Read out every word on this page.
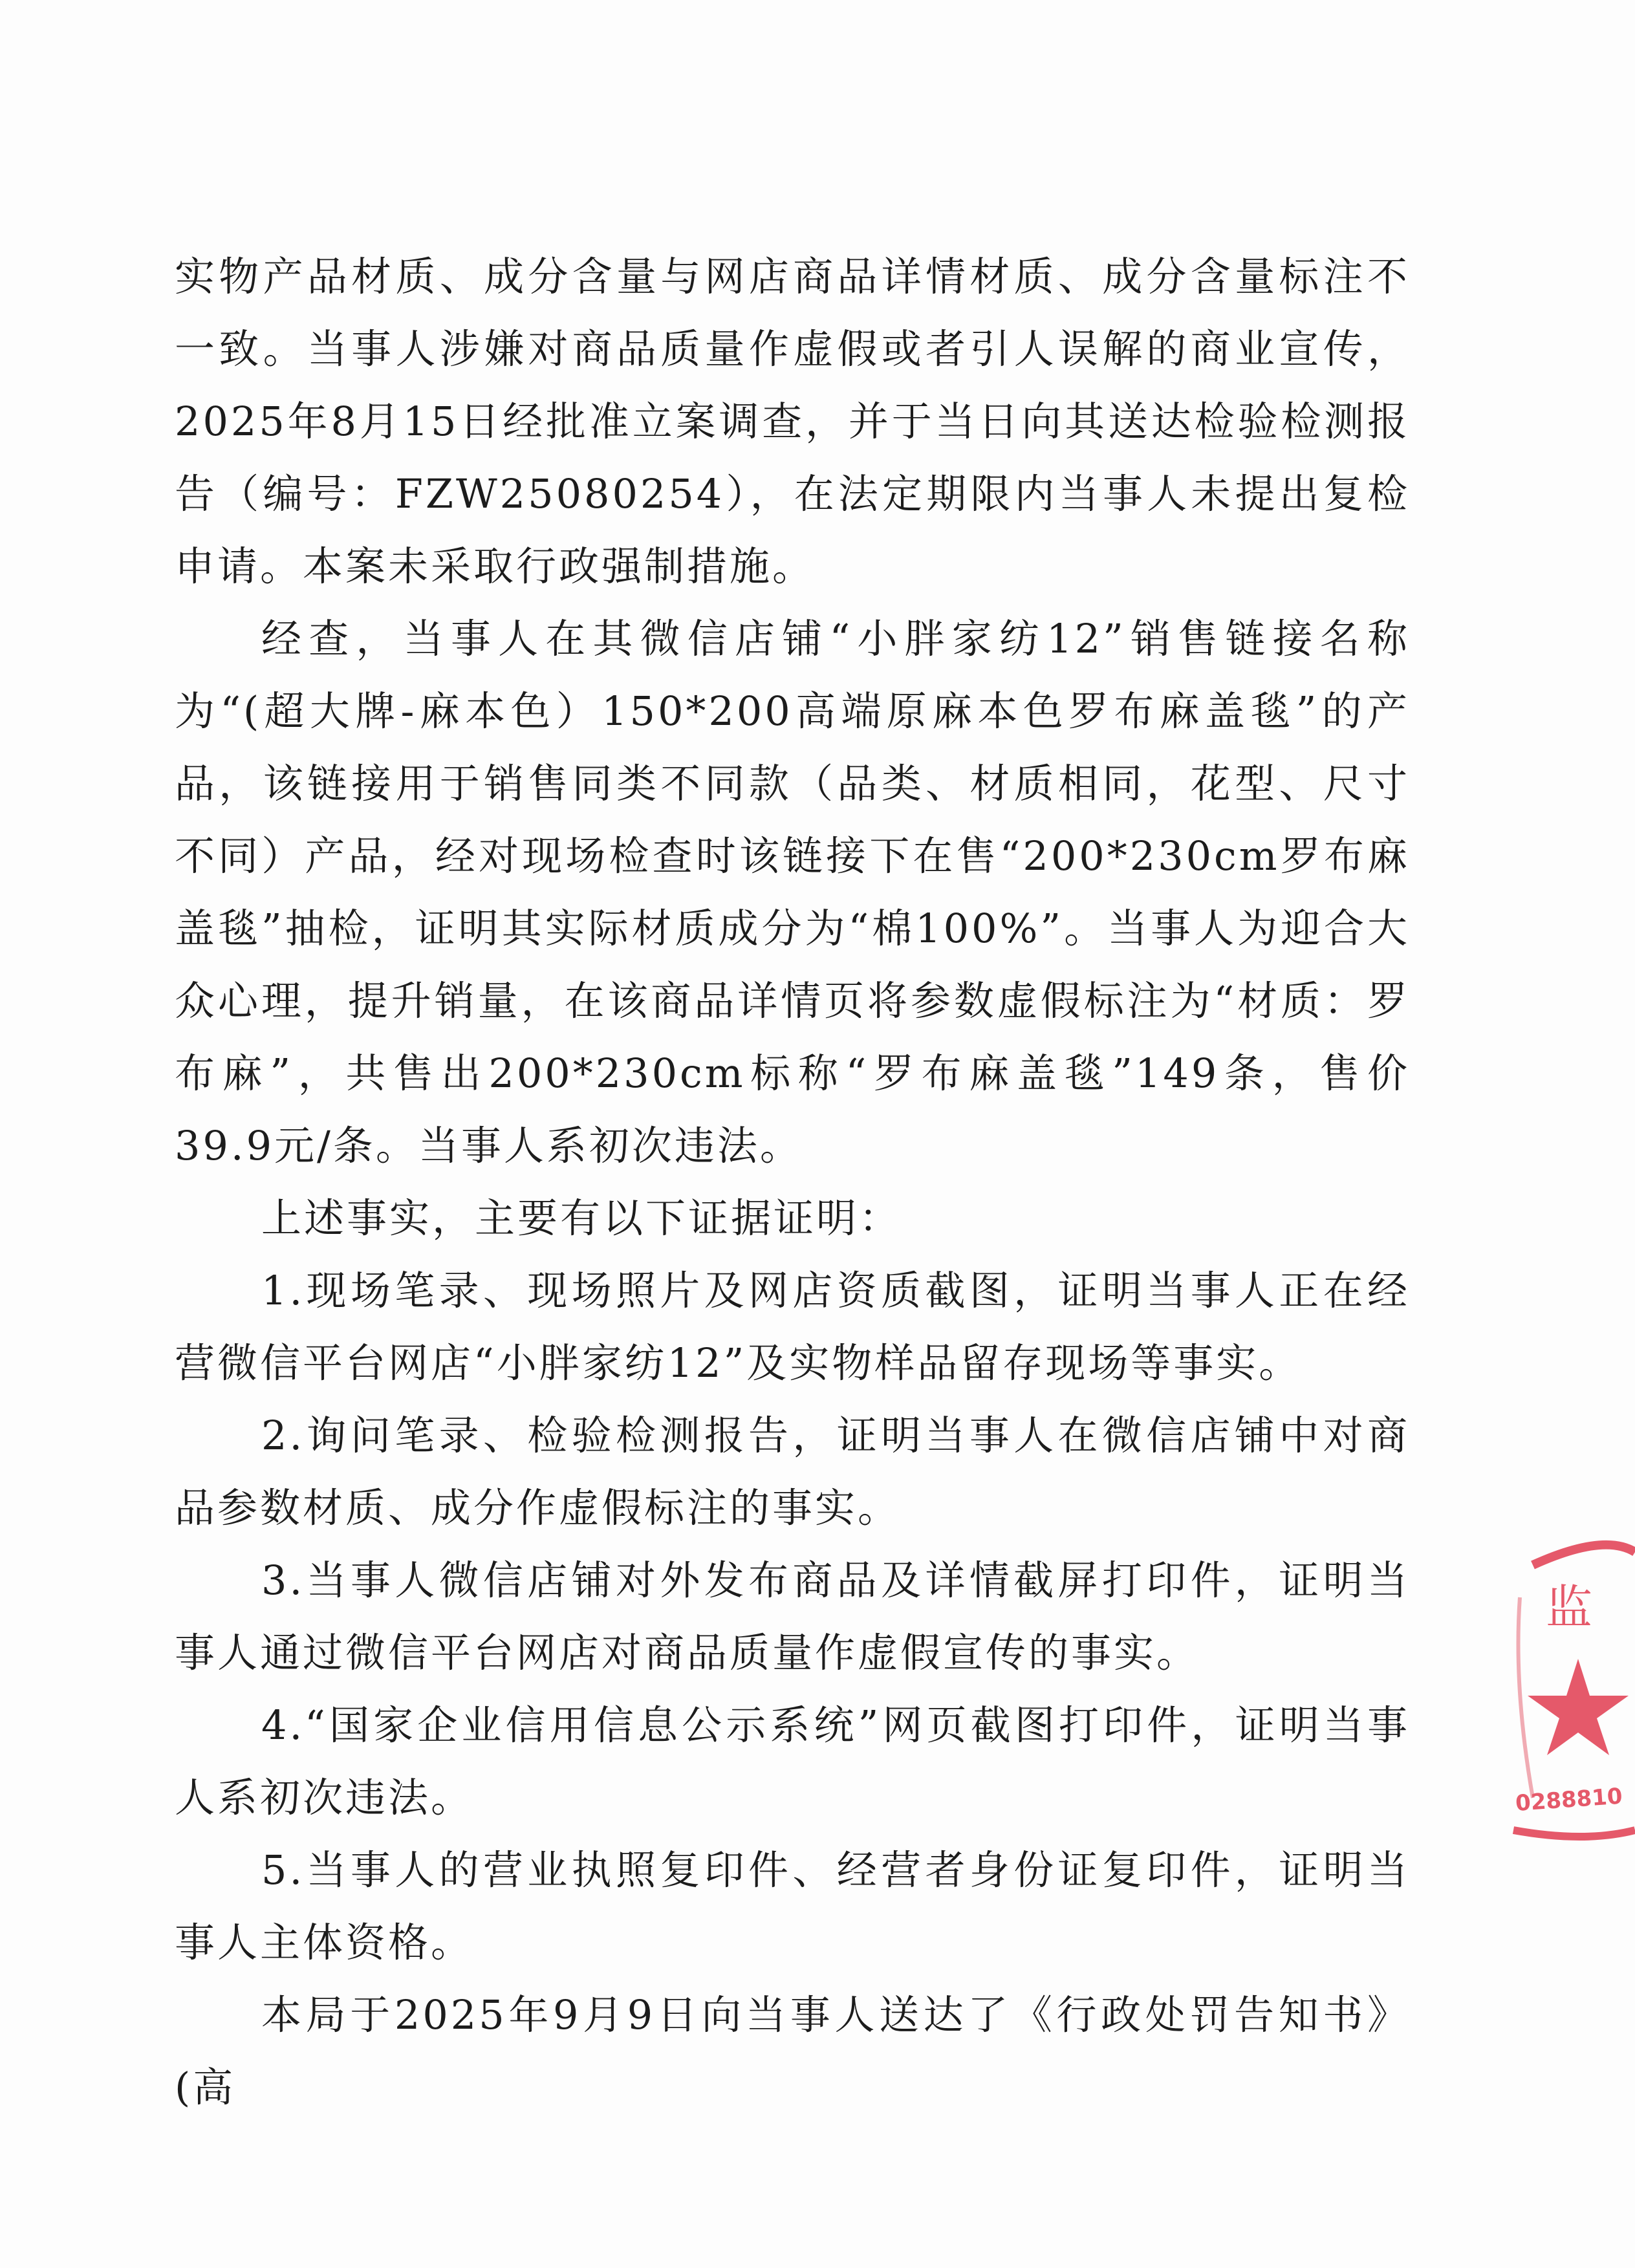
实物产品材质、成分含量与网店商品详情材质、成分含量标注不一致。当事人涉嫌对商品质量作虚假或者引人误解的商业宣传，2025年8月15日经批准立案调查，并于当日向其送达检验检测报告（编号：FZW25080254），在法定期限内当事人未提出复检申请。本案未采取行政强制措施。

经查，当事人在其微信店铺“小胖家纺12”销售链接名称为“(超大牌-麻本色）150*200高端原麻本色罗布麻盖毯”的产品，该链接用于销售同类不同款（品类、材质相同，花型、尺寸不同）产品，经对现场检查时该链接下在售“200*230cm罗布麻盖毯”抽检，证明其实际材质成分为“棉100%”。当事人为迎合大众心理，提升销量，在该商品详情页将参数虚假标注为“材质：罗布麻”，共售出200*230cm标称“罗布麻盖毯”149条，售价39.9元/条。当事人系初次违法。

上述事实，主要有以下证据证明：

1.现场笔录、现场照片及网店资质截图，证明当事人正在经营微信平台网店“小胖家纺12”及实物样品留存现场等事实。

2.询问笔录、检验检测报告，证明当事人在微信店铺中对商品参数材质、成分作虚假标注的事实。

3.当事人微信店铺对外发布商品及详情截屏打印件，证明当事人通过微信平台网店对商品质量作虚假宣传的事实。

4.“国家企业信用信息公示系统”网页截图打印件，证明当事人系初次违法。

5.当事人的营业执照复印件、经营者身份证复印件，证明当事人主体资格。

本局于2025年9月9日向当事人送达了《行政处罚告知书》(高

监
0288810
